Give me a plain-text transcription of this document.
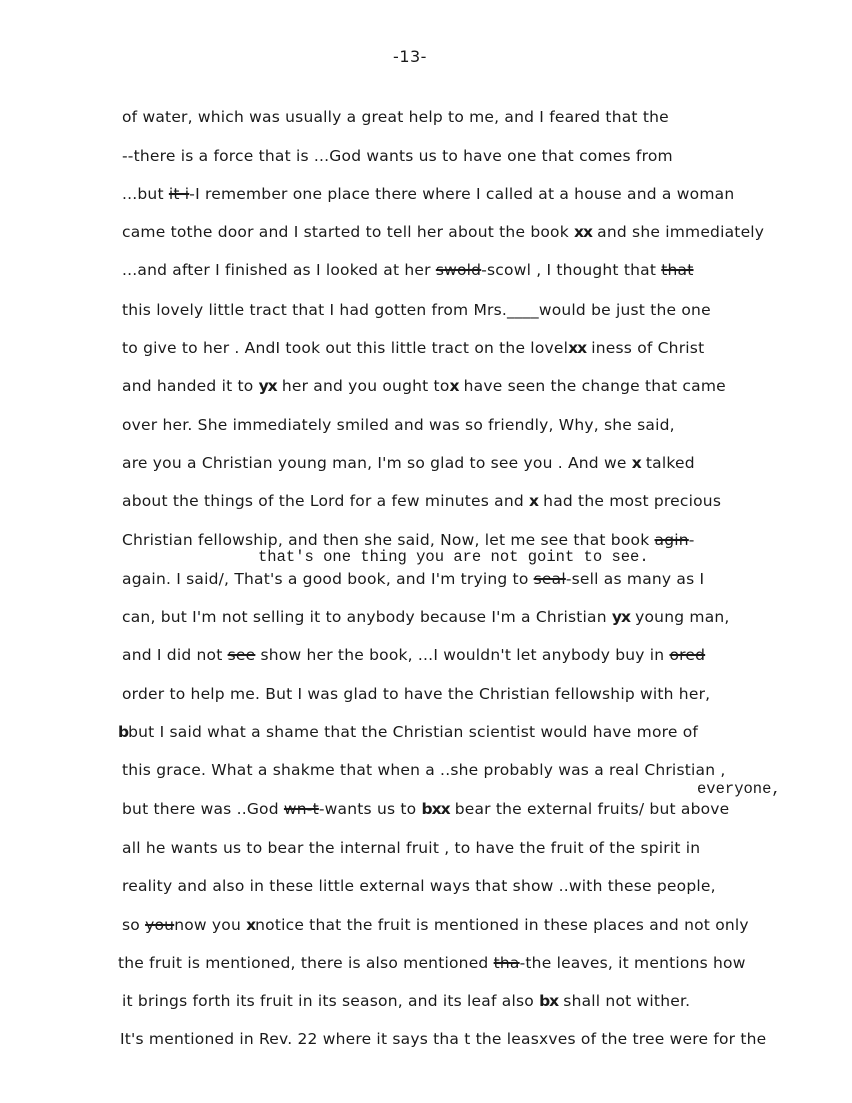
-13-
of water, which was usually a great help to me, and I feared that the
--there is a force that is ...God wants us to have one that comes from
...but it i-I remember one place there where I called at a house and a woman
came tothe door and I started to tell her about the book xx and she immediately
...and after I finished as I looked at her swold-scowl , I thought that that
this lovely little tract that I had gotten from Mrs.____would be just the one
to give to her . AndI took out this little tract on the lovelxx iness of Christ
and handed it to yx her and you ought tox have seen the change that came
over her. She immediately smiled and was so friendly, Why, she said,
are you a Christian young man, I'm so glad to see you . And we x talked
about the things of the Lord for a few minutes and x had the most precious
Christian fellowship, and then she said, Now, let me see that book agin-
again. I said/, That's a good book, and I'm trying to seal-sell as many as I
can, but I'm not selling it to anybody because I'm a Christian yx young man,
and I did not see show her the book, ...I wouldn't let anybody buy in ored
order to help me. But I was glad to have the Christian fellowship with her,
bbut I said what a shame that the Christian scientist would have more of
this grace. What a shakme that when a ..she probably was a real Christian ,
but there was ..God wn-t-wants us to bxx bear the external fruits/ but above
all he wants us to bear the internal fruit , to have the fruit of the spirit in
reality and also in these little external ways that show ..with these people,
so younow you xnotice that the fruit is mentioned in these places and not only
the fruit is mentioned, there is also mentioned tha-the leaves, it mentions how
it brings forth its fruit in its season, and its leaf also bx shall not wither.
It's mentioned in Rev. 22 where it says tha t the leasxves of the tree were for the
that's one thing you are not goint to see.
everyone,
